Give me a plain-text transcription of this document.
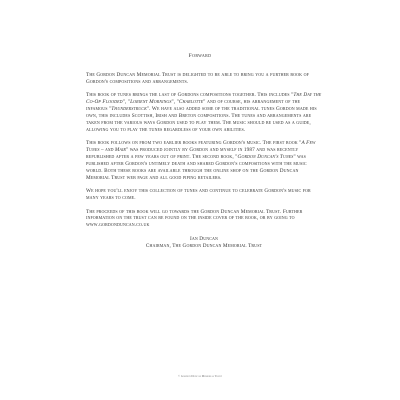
Forward

The Gordon Duncan Memorial Trust is delighted to be able to bring you a further book of Gordon's compositions and arrangements.

This book of tunes brings the last of Gordons compositions together. This includes "The Day the Co-Op Flooded", "Lorient Mornings", "Charlotte" and of course, his arrangement of the infamous "Thunderstruck". We have also added some of the traditional tunes Gordon made his own, this includes Scottish, Irish and Breton compositions. The tunes and arrangements are taken from the various ways Gordon used to play them. The music should be used as a guide, allowing you to play the tunes regardless of your own abilities.

This book follows on from two earlier books featuring Gordon's music. The first book "A Few Tunes – and Mair" was produced jointly by Gordon and myself in 1987 and was recently republished after a few years out of print. The second book, "Gordon Duncan's Tunes" was published after Gordon's untimely death and shared Gordon's compositions with the music world. Both these books are available through the online shop on the Gordon Duncan Memorial Trust web page and all good piping retailers.

We hope you'll enjoy this collection of tunes and continue to celebrate Gordon's music for many years to come.

The proceeds of this book will go towards the Gordon Duncan Memorial Trust. Further information on the trust can be found on the inside cover of the book, or by going to www.gordonduncan.co.uk

Ian Duncan
Chairman, The Gordon Duncan Memorial Trust
© Gordon Duncan Memorial Trust
